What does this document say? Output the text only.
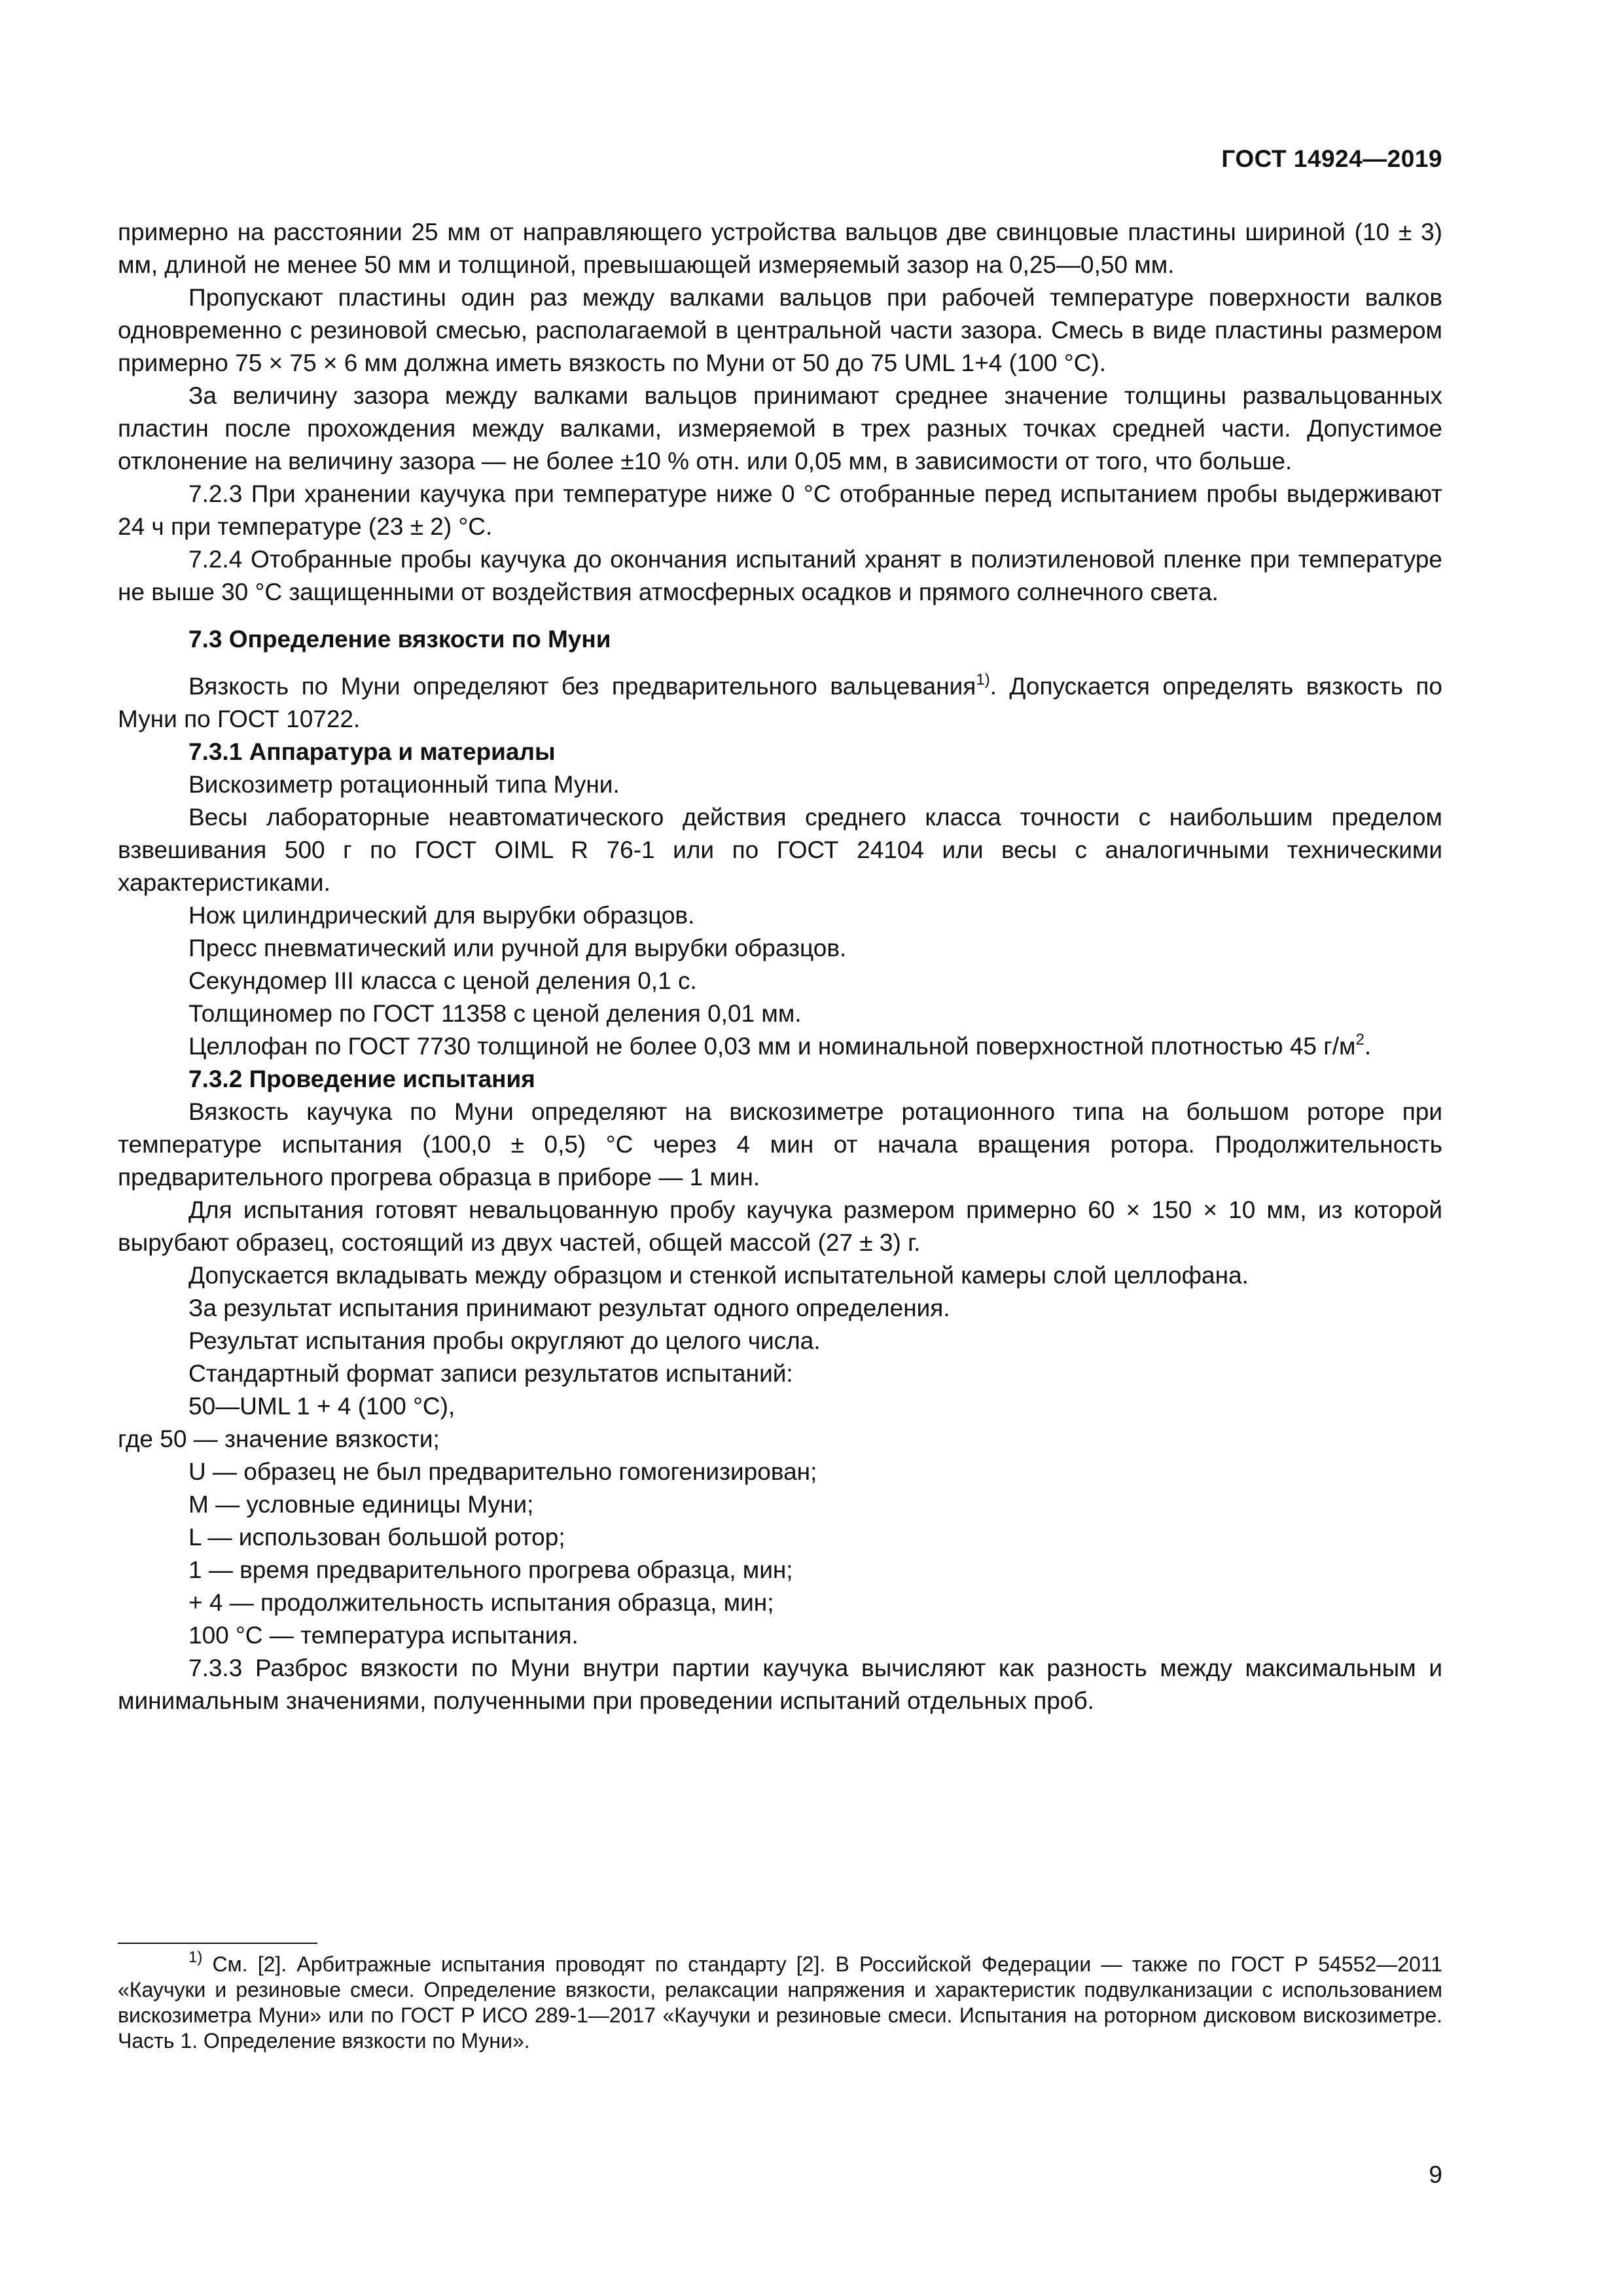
ГОСТ 14924—2019

примерно на расстоянии 25 мм от направляющего устройства вальцов две свинцовые пластины шириной (10 ± 3) мм, длиной не менее 50 мм и толщиной, превышающей измеряемый зазор на 0,25—0,50 мм.

Пропускают пластины один раз между валками вальцов при рабочей температуре поверхности валков одновременно с резиновой смесью, располагаемой в центральной части зазора. Смесь в виде пластины размером примерно 75 × 75 × 6 мм должна иметь вязкость по Муни от 50 до 75 UML 1+4 (100 °C).

За величину зазора между валками вальцов принимают среднее значение толщины развальцованных пластин после прохождения между валками, измеряемой в трех разных точках средней части. Допустимое отклонение на величину зазора — не более ±10 % отн. или 0,05 мм, в зависимости от того, что больше.

7.2.3 При хранении каучука при температуре ниже 0 °C отобранные перед испытанием пробы выдерживают 24 ч при температуре (23 ± 2) °C.

7.2.4 Отобранные пробы каучука до окончания испытаний хранят в полиэтиленовой пленке при температуре не выше 30 °C защищенными от воздействия атмосферных осадков и прямого солнечного света.

7.3 Определение вязкости по Муни

Вязкость по Муни определяют без предварительного вальцевания$^{1)}$. Допускается определять вязкость по Муни по ГОСТ 10722.

7.3.1 Аппаратура и материалы

Вискозиметр ротационный типа Муни.

Весы лабораторные неавтоматического действия среднего класса точности с наибольшим пределом взвешивания 500 г по ГОСТ OIML R 76-1 или по ГОСТ 24104 или весы с аналогичными техническими характеристиками.

Нож цилиндрический для вырубки образцов.

Пресс пневматический или ручной для вырубки образцов.

Секундомер III класса с ценой деления 0,1 с.

Толщиномер по ГОСТ 11358 с ценой деления 0,01 мм.

Целлофан по ГОСТ 7730 толщиной не более 0,03 мм и номинальной поверхностной плотностью 45 $г/м^2$.

7.3.2 Проведение испытания

Вязкость каучука по Муни определяют на вискозиметре ротационного типа на большом роторе при температуре испытания (100,0 ± 0,5) °C через 4 мин от начала вращения ротора. Продолжительность предварительного прогрева образца в приборе — 1 мин.

Для испытания готовят невальцованную пробу каучука размером примерно 60 × 150 × 10 мм, из которой вырубают образец, состоящий из двух частей, общей массой (27 ± 3) г.

Допускается вкладывать между образцом и стенкой испытательной камеры слой целлофана.

За результат испытания принимают результат одного определения.

Результат испытания пробы округляют до целого числа.

Стандартный формат записи результатов испытаний:

50—UML 1 + 4 (100 °C),

где 50 — значение вязкости;

U — образец не был предварительно гомогенизирован;

M — условные единицы Муни;

L — использован большой ротор;

1 — время предварительного прогрева образца, мин;

+ 4 — продолжительность испытания образца, мин;

100 °C — температура испытания.

7.3.3 Разброс вязкости по Муни внутри партии каучука вычисляют как разность между максимальным и минимальным значениями, полученными при проведении испытаний отдельных проб.

$^{1)}$ См. [2]. Арбитражные испытания проводят по стандарту [2]. В Российской Федерации — также по ГОСТ Р 54552—2011 «Каучуки и резиновые смеси. Определение вязкости, релаксации напряжения и характеристик подвулканизации с использованием вискозиметра Муни» или по ГОСТ Р ИСО 289-1—2017 «Каучуки и резиновые смеси. Испытания на роторном дисковом вискозиметре. Часть 1. Определение вязкости по Муни».
9
